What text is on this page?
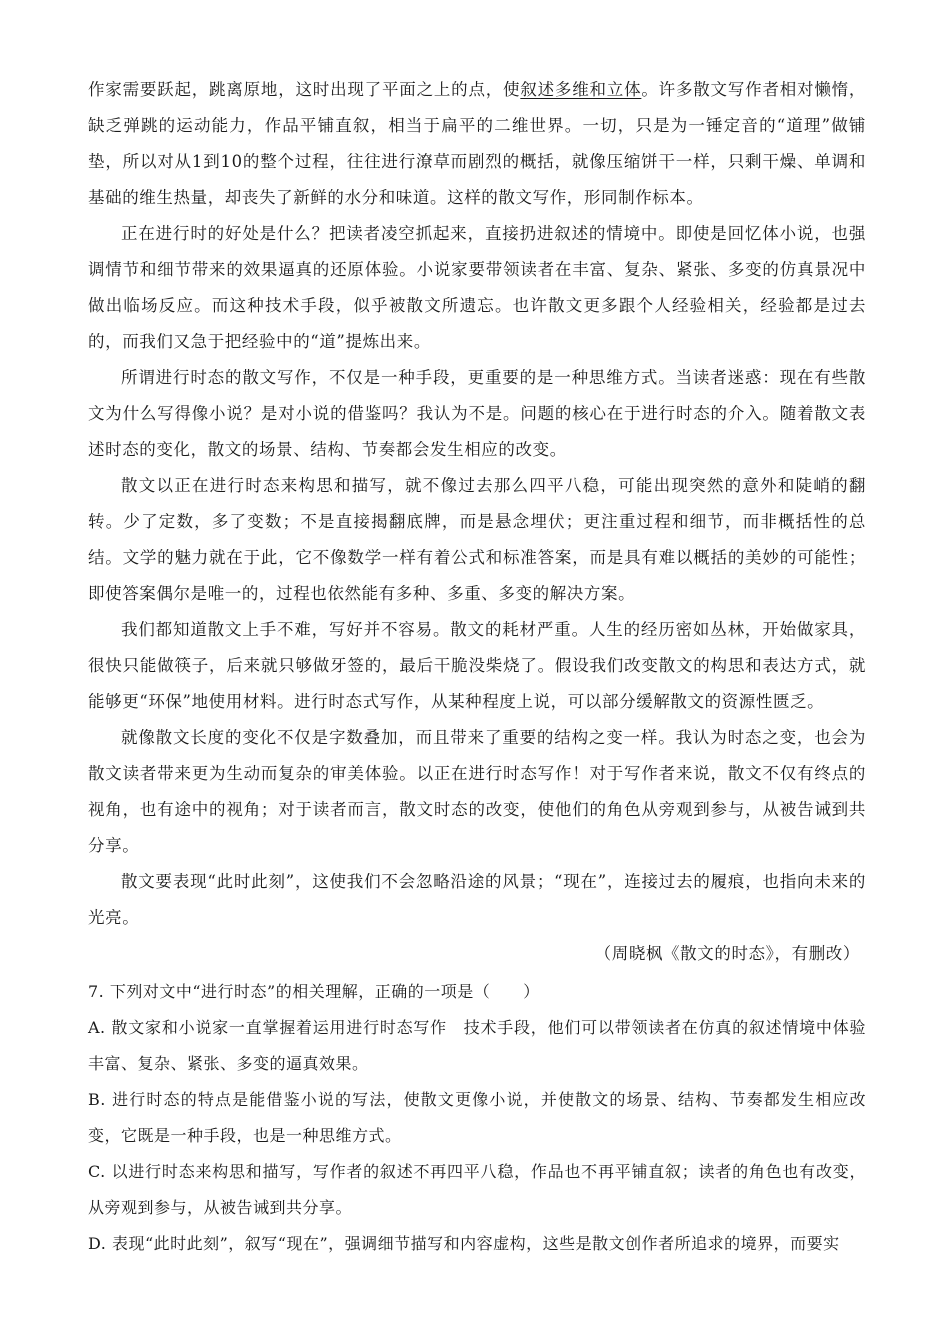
作家需要跃起，跳离原地，这时出现了平面之上的点，使叙述多维和立体。许多散文写作者相对懒惰，缺乏弹跳的运动能力，作品平铺直叙，相当于扁平的二维世界。一切，只是为一锤定音的“道理”做铺垫，所以对从1到10的整个过程，往往进行潦草而剧烈的概括，就像压缩饼干一样，只剩干燥、单调和基础的维生热量，却丧失了新鲜的水分和味道。这样的散文写作，形同制作标本。

正在进行时的好处是什么？把读者凌空抓起来，直接扔进叙述的情境中。即使是回忆体小说，也强调情节和细节带来的效果逼真的还原体验。小说家要带领读者在丰富、复杂、紧张、多变的仿真景况中做出临场反应。而这种技术手段，似乎被散文所遗忘。也许散文更多跟个人经验相关，经验都是过去的，而我们又急于把经验中的“道”提炼出来。

所谓进行时态的散文写作，不仅是一种手段，更重要的是一种思维方式。当读者迷惑：现在有些散文为什么写得像小说？是对小说的借鉴吗？我认为不是。问题的核心在于进行时态的介入。随着散文表述时态的变化，散文的场景、结构、节奏都会发生相应的改变。

散文以正在进行时态来构思和描写，就不像过去那么四平八稳，可能出现突然的意外和陡峭的翻转。少了定数，多了变数；不是直接揭翻底牌，而是悬念埋伏；更注重过程和细节，而非概括性的总结。文学的魅力就在于此，它不像数学一样有着公式和标准答案，而是具有难以概括的美妙的可能性；即使答案偶尔是唯一的，过程也依然能有多种、多重、多变的解决方案。

我们都知道散文上手不难，写好并不容易。散文的耗材严重。人生的经历密如丛林，开始做家具，很快只能做筷子，后来就只够做牙签的，最后干脆没柴烧了。假设我们改变散文的构思和表达方式，就能够更“环保”地使用材料。进行时态式写作，从某种程度上说，可以部分缓解散文的资源性匮乏。

就像散文长度的变化不仅是字数叠加，而且带来了重要的结构之变一样。我认为时态之变，也会为散文读者带来更为生动而复杂的审美体验。以正在进行时态写作！对于写作者来说，散文不仅有终点的视角，也有途中的视角；对于读者而言，散文时态的改变，使他们的角色从旁观到参与，从被告诫到共分享。

散文要表现“此时此刻”，这使我们不会忽略沿途的风景；“现在”，连接过去的履痕，也指向未来的光亮。

（周晓枫《散文的时态》，有删改）

7. 下列对文中“进行时态”的相关理解，正确的一项是（　　）

A. 散文家和小说家一直掌握着运用进行时态写作　技术手段，他们可以带领读者在仿真的叙述情境中体验丰富、复杂、紧张、多变的逼真效果。

B. 进行时态的特点是能借鉴小说的写法，使散文更像小说，并使散文的场景、结构、节奏都发生相应改变，它既是一种手段，也是一种思维方式。

C. 以进行时态来构思和描写，写作者的叙述不再四平八稳，作品也不再平铺直叙；读者的角色也有改变，从旁观到参与，从被告诫到共分享。

D. 表现“此时此刻”，叙写“现在”，强调细节描写和内容虚构，这些是散文创作者所追求的境界，而要实
